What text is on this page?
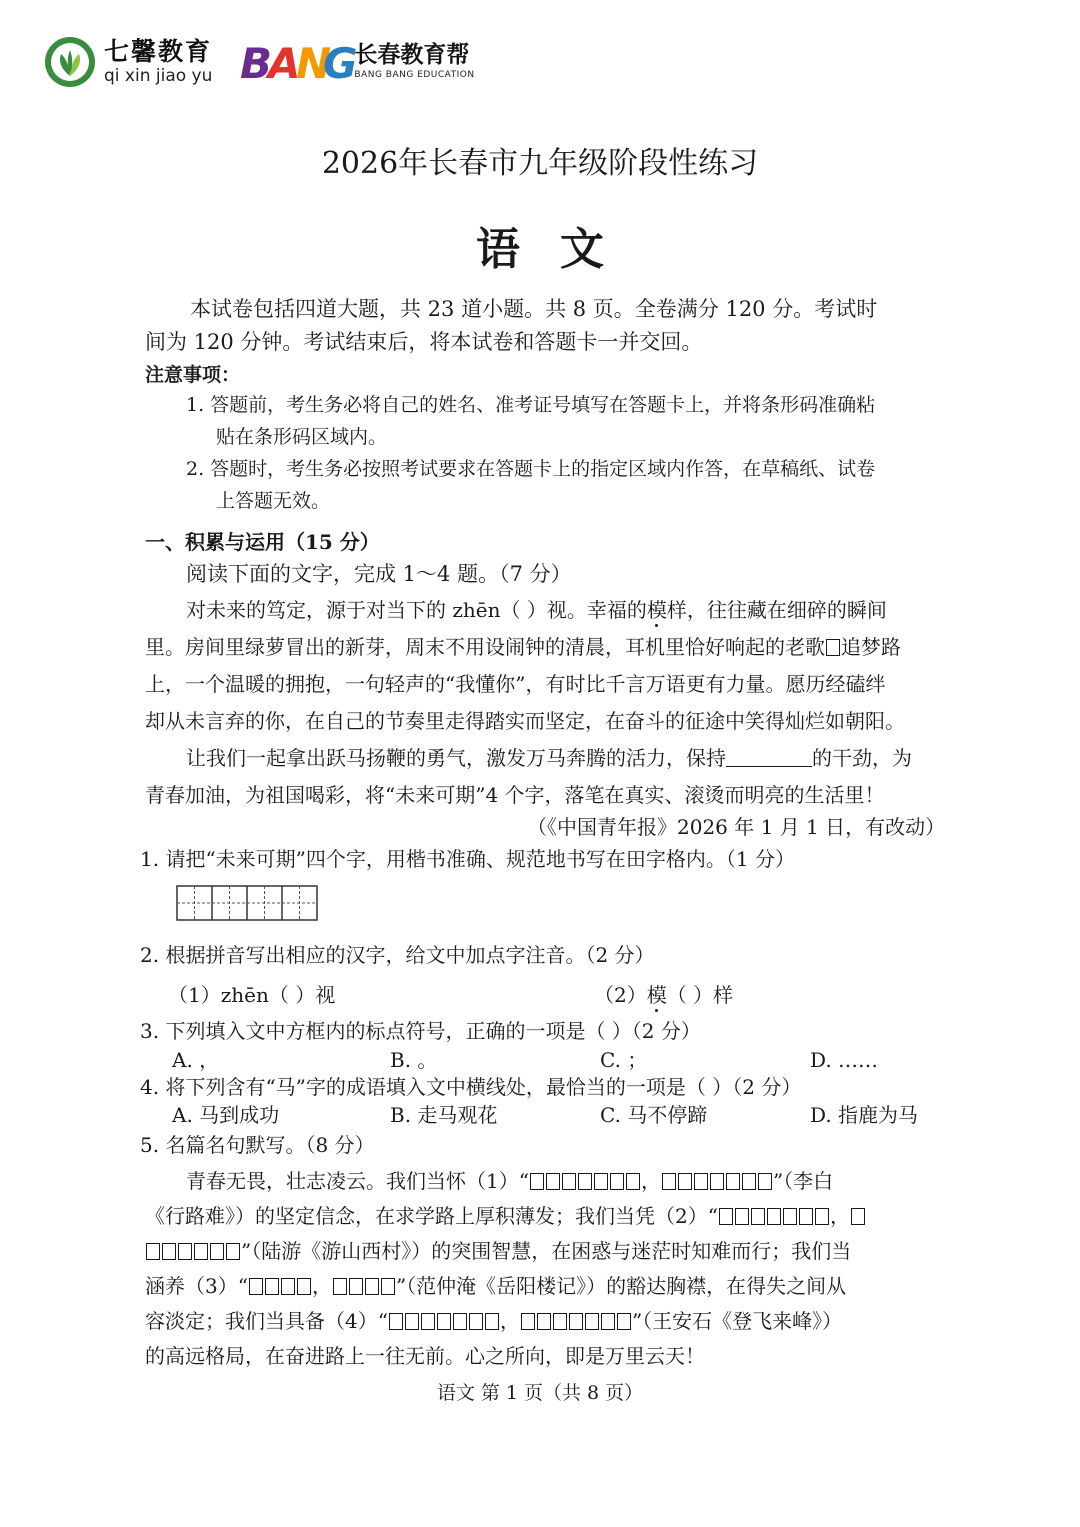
七馨教育
qi xin jiao yu B
A
N
G
长春教育帮
BANG BANG EDUCATION
2026年长春市九年级阶段性练习
语文
本试卷包括四道大题，共 23 道小题。共 8 页。全卷满分 120 分。考试时
间为 120 分钟。考试结束后，将本试卷和答题卡一并交回。
注意事项：
1. 答题前，考生务必将自己的姓名、准考证号填写在答题卡上，并将条形码准确粘
贴在条形码区域内。
2. 答题时，考生务必按照考试要求在答题卡上的指定区域内作答，在草稿纸、试卷
上答题无效。
一、积累与运用（15 分）
阅读下面的文字，完成 1～4 题。（7 分）
对未来的笃定，源于对当下的 zhēn（ ）视。幸福的模样，往往藏在细碎的瞬间
里。房间里绿萝冒出的新芽，周末不用设闹钟的清晨，耳机里恰好响起的老歌 追梦路
上，一个温暖的拥抱，一句轻声的“我懂你”，有时比千言万语更有力量。愿历经磕绊
却从未言弃的你，在自己的节奏里走得踏实而坚定，在奋斗的征途中笑得灿烂如朝阳。
让我们一起拿出跃马扬鞭的勇气，激发万马奔腾的活力，保持	的干劲，为
青春加油，为祖国喝彩，将“未来可期”4 个字，落笔在真实、滚烫而明亮的生活里！
（《中国青年报》2026 年 1 月 1 日，有改动）
1. 请把“未来可期”四个字，用楷书准确、规范地书写在田字格内。（1 分）
2. 根据拼音写出相应的汉字，给文中加点字注音。（2 分）
（1）zhēn（ ）视	（2）模（ ）样
3. 下列填入文中方框内的标点符号，正确的一项是（ ）（2 分）
A. ，	B. 。	C. ；	D. ……
4. 将下列含有“马”字的成语填入文中横线处，最恰当的一项是（ ）（2 分）
A. 马到成功	B. 走马观花	C. 马不停蹄	D. 指鹿为马
5. 名篇名句默写。（8 分）
青春无畏，壮志凌云。我们当怀（1）“	，	”（李白
《行路难》）的坚定信念，在求学路上厚积薄发；我们当凭（2）“	，
”（陆游《游山西村》）的突围智慧，在困惑与迷茫时知难而行；我们当
涵养（3）“	，	”（范仲淹《岳阳楼记》）的豁达胸襟，在得失之间从
容淡定；我们当具备（4）“	，	”（王安石《登飞来峰》）
的高远格局，在奋进路上一往无前。心之所向，即是万里云天！
语文 第 1 页（共 8 页）
